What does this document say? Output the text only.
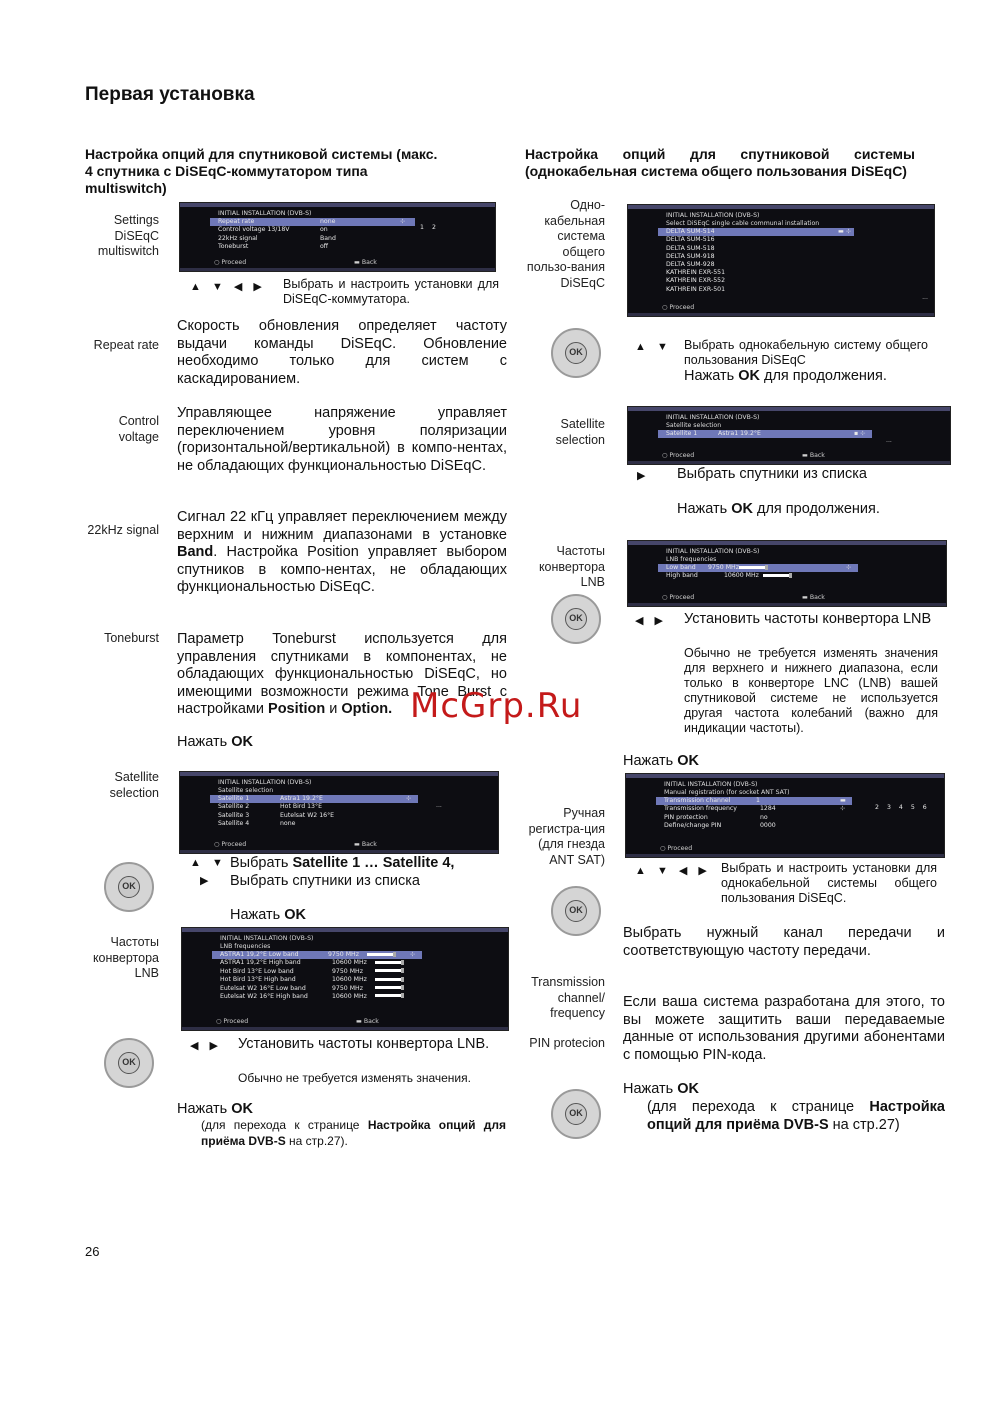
Первая установка
Настройка опций для спутниковой системы (макс. 4 спутника с DiSEqC-коммутатором типа multiswitch)
Settings DiSEqC multiswitch
INITIAL INSTALLATION (DVB-S)
Repeat rate	none	⊹
1 2
Control voltage 13/18V	on
22kHz signal	Band
Toneburst	off
○ Proceed	▬ Back
▲ ▼ ◀ ▶ Выбрать и настроить установки для DiSEqC-коммутатора.
Repeat rate
Скорость обновления определяет частоту выдачи команды DiSEqC. Обновление необходимо только для систем с каскадированием.
Control voltage
Управляющее напряжение управляет переключением уровня поляризации (горизонтальной/вертикальной) в компо-нентах, не обладающих функциональностью DiSEqC.
22kHz signal
Сигнал 22 кГц управляет переключением между верхним и нижним диапазонами в установке Band. Настройка Position управляет выбором спутников в компо-нентах, не обладающих функциональностью DiSEqC.
Toneburst Параметр Toneburst используется для управления спутниками в компонентах, не обладающих функциональностью DiSEqC, но имеющими возможности режима Tone Burst с настройками Position и Option.
Нажать OK
Satellite selection
INITIAL INSTALLATION (DVB-S)
Satellite selection
Satellite 1	Astra1 19.2°E	⊹
Satellite 2	Hot Bird 13°E
Satellite 3	Eutelsat W2 16°E
Satellite 4	none
...
○ Proceed	▬ Back
▲ ▼
▶
Выбрать Satellite 1 … Satellite 4,
Выбрать спутники из списка
OK
Нажать OK
Частоты конвертора LNB
INITIAL INSTALLATION (DVB-S)
LNB frequencies
ASTRA1 19,2°E Low band	9750 MHz	⊹
ASTRA1 19,2°E High band	10600 MHz
Hot Bird 13°E Low band	9750 MHz
Hot Bird 13°E High band	10600 MHz
Eutelsat W2 16°E Low band	9750 MHz
Eutelsat W2 16°E High band	10600 MHz
○ Proceed	▬ Back
◀ ▶ Установить частоты конвертора LNB.
Обычно не требуется изменять значения.
OK
Нажать OK
(для перехода к странице Настройка опций для приёма DVB-S на стр.27).
Настройка опций для спутниковой системы (однокабельная система общего пользования DiSEqC)
Одно-кабельная система общего пользо-вания DiSEqC
INITIAL INSTALLATION (DVB-S)
Select DiSEqC single cable communal installation
DELTA SUM-514	▬ ⊹
DELTA SUM-516
DELTA SUM-518
DELTA SUM-918
DELTA SUM-928
KATHREIN EXR-551
KATHREIN EXR-552
KATHREIN EXR-501
...
○ Proceed
OK	▲ ▼ Выбрать однокабельную систему общего пользования DiSEqC
Нажать OK для продолжения.
Satellite selection
INITIAL INSTALLATION (DVB-S)
Satellite selection
Satellite 1	Astra1 19.2°E	▪ ⊹
...
○ Proceed	▬ Back
▶ Выбрать спутники из списка
Нажать OK для продолжения.
Частоты конвертора LNB
INITIAL INSTALLATION (DVB-S)
LNB frequencies
Low band 9750 MHz	⊹
High band	10600 MHz
○ Proceed	▬ Back
OK	◀ ▶ Установить частоты конвертора LNB
Обычно не требуется изменять значения для верхнего и нижнего диапазона, если только в конверторе LNC (LNB) вашей спутниковой системе не используется другая частота колебаний (важно для индикации частоты).
Нажать OK
Ручная регистра-ция (для гнезда ANT SAT)
INITIAL INSTALLATION (DVB-S)
Manual registration (for socket ANT SAT)
Transmission channel	1	▬ ⊹	2 3 4 5 6
Transmission frequency	1284
PIN protection	no
Define/change PIN	0000
○ Proceed
▲ ▼ ◀ ▶ Выбрать и настроить установки для однокабельной системы общего пользования DiSEqC.
OK
Выбрать нужный канал передачи и соответствующую частоту передачи.
Transmission channel/ frequency
Если ваша система разработана для этого, то вы можете защитить ваши передаваемые данные от использования другими абонентами с помощью PIN-кода.
PIN protecion
Нажать OK
(для перехода к странице Настройка опций для приёма DVB-S на стр.27)
OK
McGrp.Ru
26
